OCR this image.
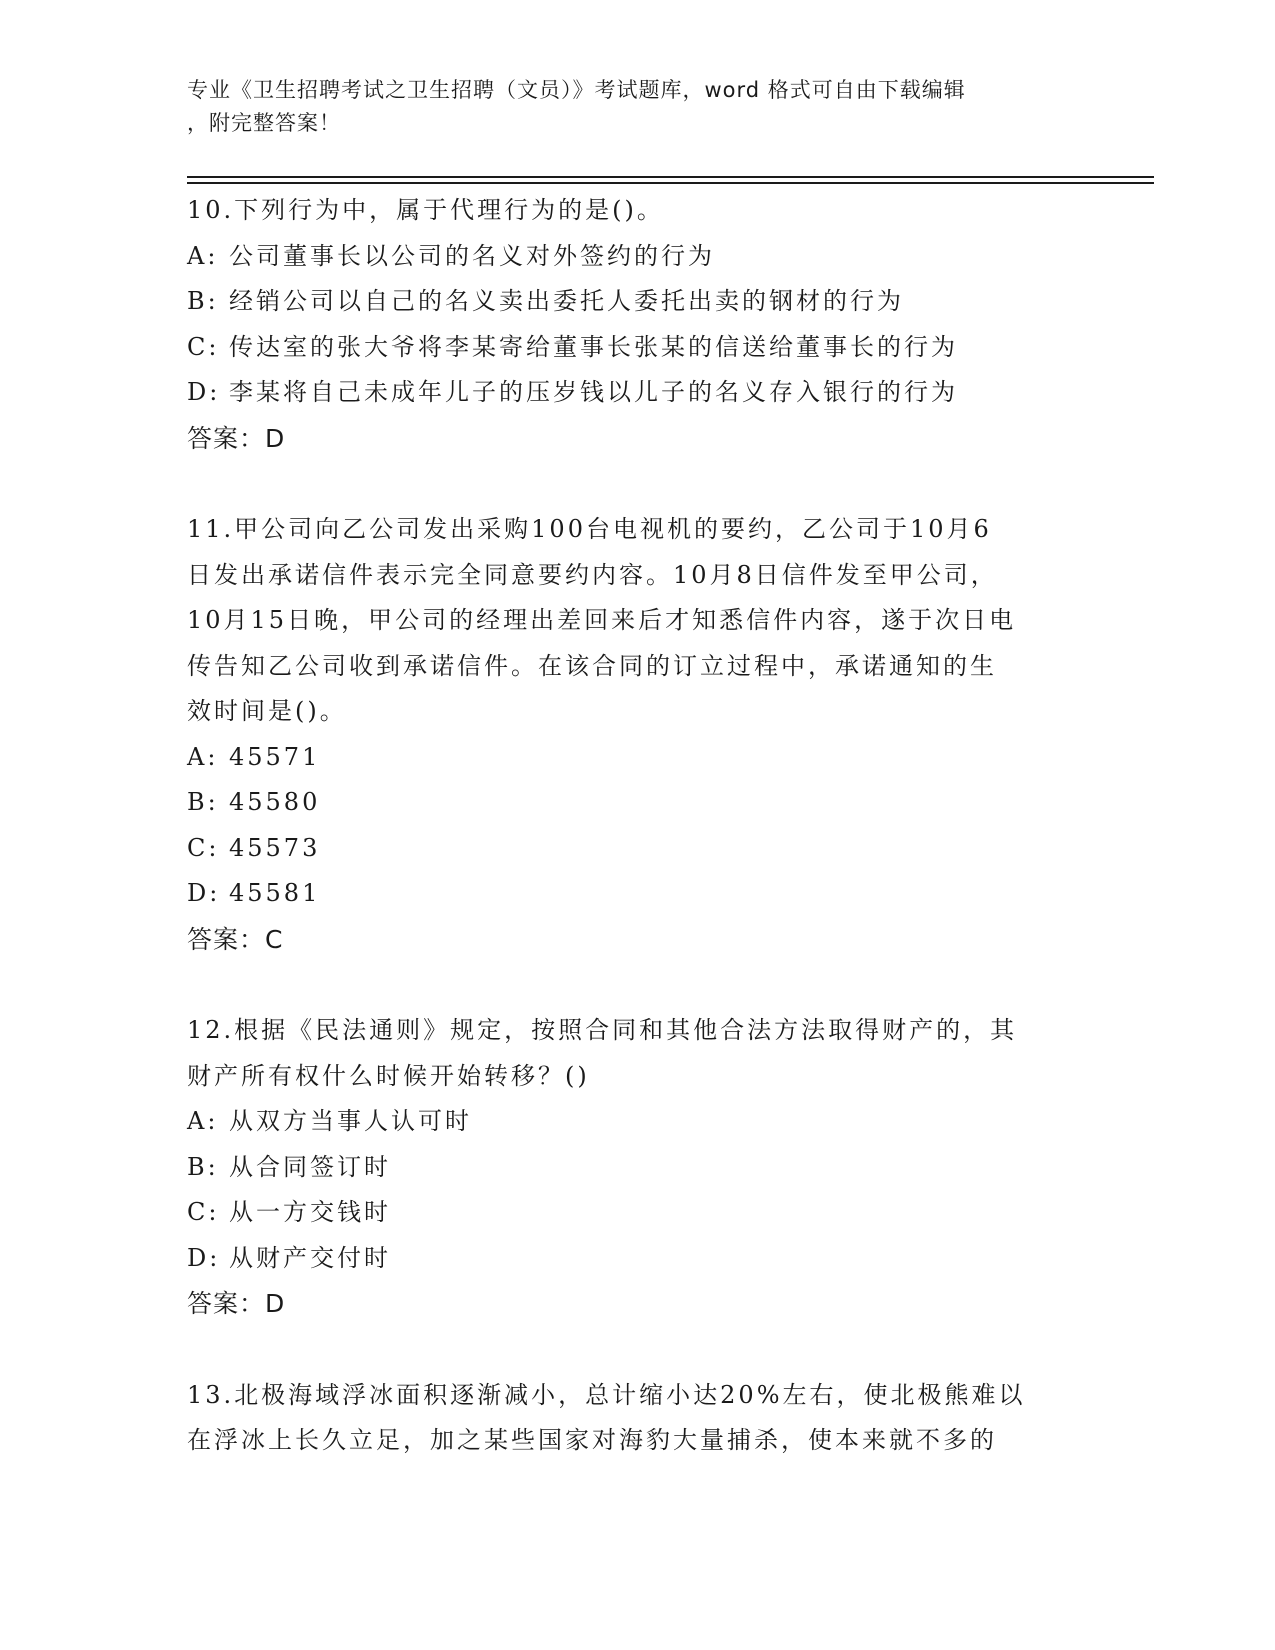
专业《卫生招聘考试之卫生招聘（文员）》考试题库，word 格式可自由下载编辑
，附完整答案！
10.下列行为中，属于代理行为的是()。
A: 公司董事长以公司的名义对外签约的行为
B: 经销公司以自己的名义卖出委托人委托出卖的钢材的行为
C: 传达室的张大爷将李某寄给董事长张某的信送给董事长的行为
D: 李某将自己未成年儿子的压岁钱以儿子的名义存入银行的行为
答案：D
11.甲公司向乙公司发出采购100台电视机的要约，乙公司于10月6
日发出承诺信件表示完全同意要约内容。10月8日信件发至甲公司，
10月15日晚，甲公司的经理出差回来后才知悉信件内容，遂于次日电
传告知乙公司收到承诺信件。在该合同的订立过程中，承诺通知的生
效时间是()。
A: 45571
B: 45580
C: 45573
D: 45581
答案：C
12.根据《民法通则》规定，按照合同和其他合法方法取得财产的，其
财产所有权什么时候开始转移？()
A: 从双方当事人认可时
B: 从合同签订时
C: 从一方交钱时
D: 从财产交付时
答案：D
13.北极海域浮冰面积逐渐减小，总计缩小达20%左右，使北极熊难以
在浮冰上长久立足，加之某些国家对海豹大量捕杀，使本来就不多的
